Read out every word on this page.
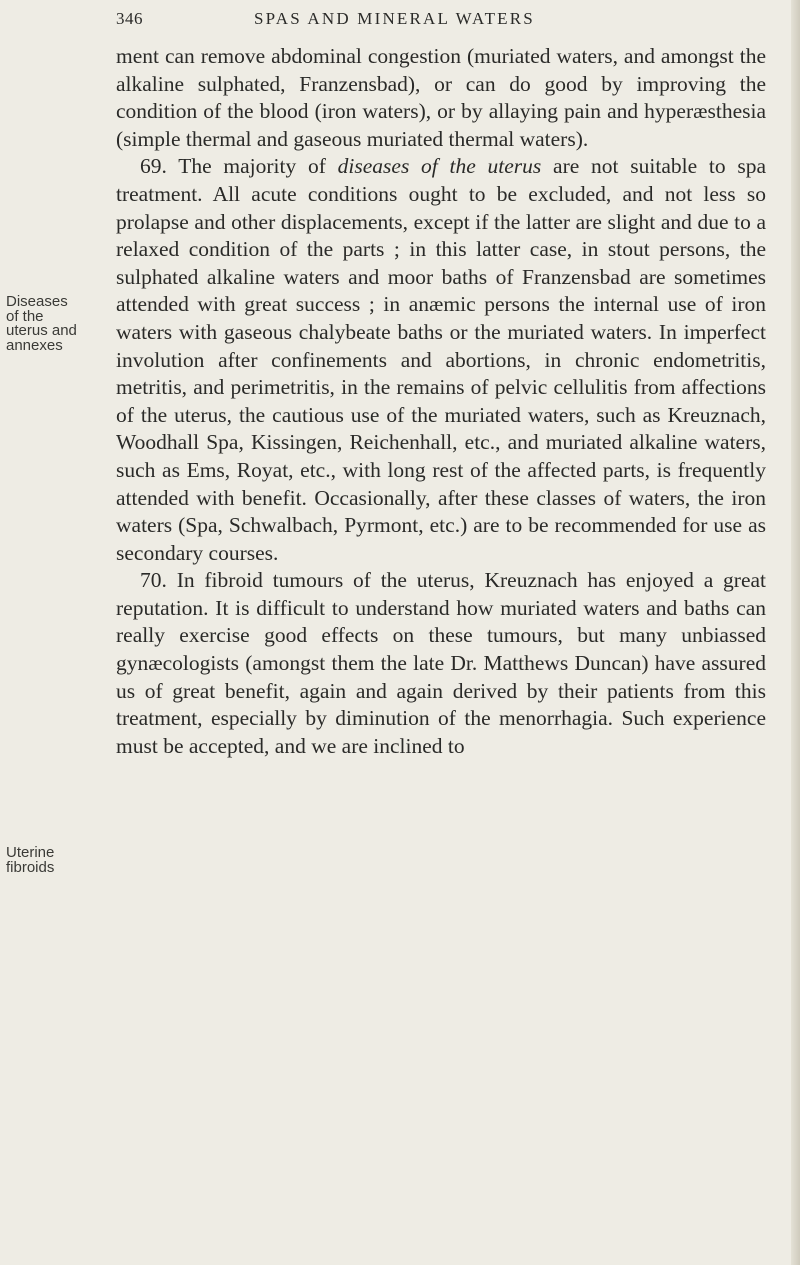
346	SPAS AND MINERAL WATERS
Diseases
of the
uterus and
annexes
Uterine
fibroids

ment can remove abdominal congestion (muriated waters, and amongst the alkaline sulphated, Franzensbad), or can do good by improving the condition of the blood (iron waters), or by allaying pain and hyperæsthesia (simple thermal and gaseous muriated thermal waters).

69. The majority of diseases of the uterus are not suitable to spa treatment. All acute conditions ought to be excluded, and not less so prolapse and other displacements, except if the latter are slight and due to a relaxed condition of the parts ; in this latter case, in stout persons, the sulphated alkaline waters and moor baths of Franzensbad are sometimes attended with great success ; in anæmic persons the internal use of iron waters with gaseous chalybeate baths or the muriated waters. In imperfect involution after confinements and abortions, in chronic endometritis, metritis, and perimetritis, in the remains of pelvic cellulitis from affections of the uterus, the cautious use of the muriated waters, such as Kreuznach, Woodhall Spa, Kissingen, Reichenhall, etc., and muriated alkaline waters, such as Ems, Royat, etc., with long rest of the affected parts, is frequently attended with benefit. Occasionally, after these classes of waters, the iron waters (Spa, Schwalbach, Pyrmont, etc.) are to be recommended for use as secondary courses.

70. In fibroid tumours of the uterus, Kreuznach has enjoyed a great reputation. It is difficult to understand how muriated waters and baths can really exercise good effects on these tumours, but many unbiassed gynæcologists (amongst them the late Dr. Matthews Duncan) have assured us of great benefit, again and again derived by their patients from this treatment, especially by diminution of the menorrhagia. Such experience must be accepted, and we are inclined to
